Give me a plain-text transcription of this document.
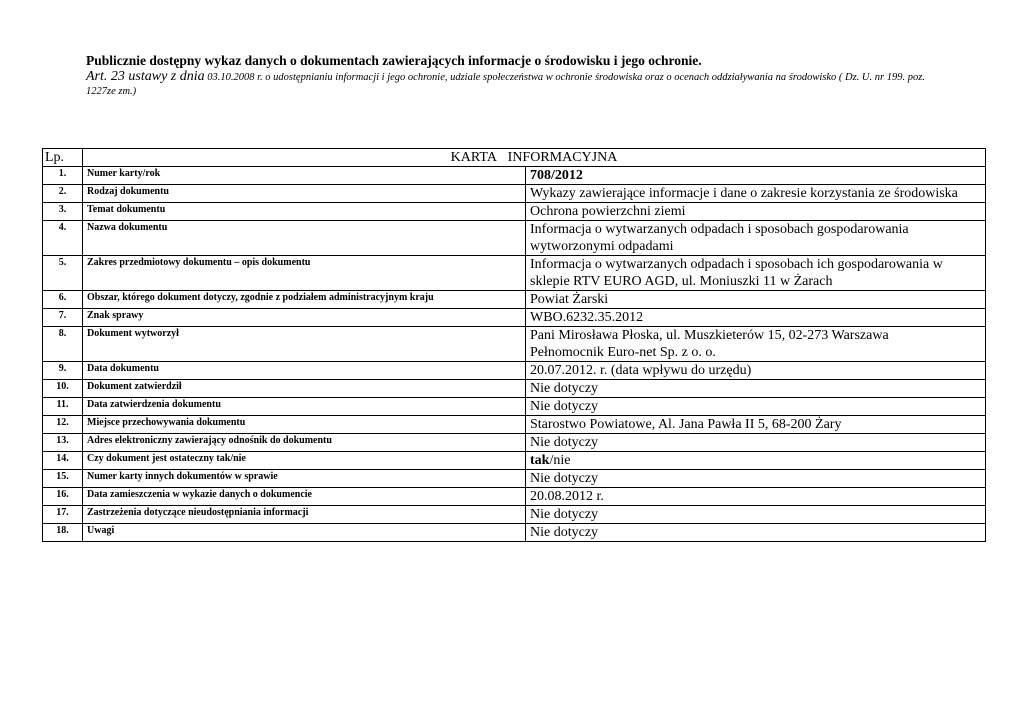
Publicznie dostępny wykaz danych o dokumentach zawierających informacje o środowisku i jego ochronie.
Art. 23 ustawy z dnia 03.10.2008 r. o udostępnianiu informacji i jego ochronie, udziale społeczeństwa w ochronie środowiska oraz o ocenach oddziaływania na środowisko ( Dz. U. nr 199. poz. 1227ze zm.)
Lp.	KARTA INFORMACYJNA	
1.	Numer karty/rok	708/2012
2.	Rodzaj dokumentu	Wykazy zawierające informacje i dane o zakresie korzystania ze środowiska
3.	Temat dokumentu	Ochrona powierzchni ziemi
4.	Nazwa dokumentu	Informacja o wytwarzanych odpadach i sposobach gospodarowania wytworzonymi odpadami
5.	Zakres przedmiotowy dokumentu – opis dokumentu	Informacja o wytwarzanych odpadach i sposobach ich gospodarowania w sklepie RTV EURO AGD, ul. Moniuszki 11 w Żarach
6.	Obszar, którego dokument dotyczy, zgodnie z podziałem administracyjnym kraju	Powiat Żarski
7.	Znak sprawy	WBO.6232.35.2012
8.	Dokument wytworzył	Pani Mirosława Płoska, ul. Muszkieterów 15, 02-273 Warszawa
Pełnomocnik Euro-net Sp. z o. o.

9.	Data dokumentu	20.07.2012. r. (data wpływu do urzędu)
10.	Dokument zatwierdził	Nie dotyczy
11.	Data zatwierdzenia dokumentu	Nie dotyczy
12.	Miejsce przechowywania dokumentu	Starostwo Powiatowe, Al. Jana Pawła II 5, 68-200 Żary
13.	Adres elektroniczny zawierający odnośnik do dokumentu	Nie dotyczy
14.	Czy dokument jest ostateczny tak/nie	tak/nie
15.	Numer karty innych dokumentów w sprawie	Nie dotyczy
16.	Data zamieszczenia w wykazie danych o dokumencie	20.08.2012 r.
17.	Zastrzeżenia dotyczące nieudostępniania informacji	Nie dotyczy
18.	Uwagi	Nie dotyczy
